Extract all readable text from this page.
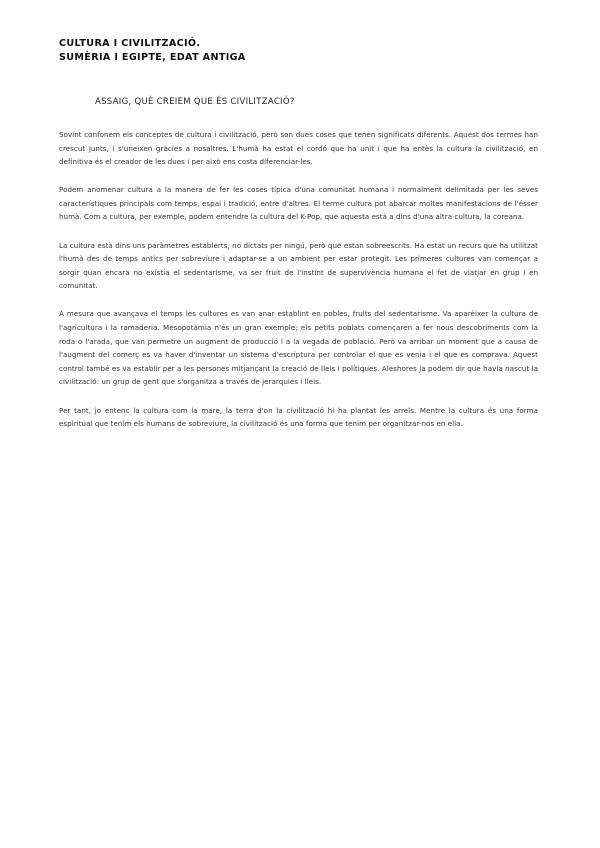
CULTURA I CIVILITZACIÓ.
SUMÈRIA I EGIPTE, EDAT ANTIGA
ASSAIG, QUÈ CREIEM QUE ÉS CIVILITZACIÓ?

Sovint confonem els conceptes de cultura i civilització, però son dues coses que tenen significats diferents. Aquest dos termes han crescut junts, i s'uneixen gràcies a nosaltres. L'humà ha estat el cordó que ha unit i que ha entès la cultura la civilització, en definitiva és el creador de les dues i per això ens costa diferenciar-les.

Podem anomenar cultura a la manera de fer les coses típica d'una comunitat humana i normalment delimitada per les seves característiques principals com temps, espai i tradició, entre d'altres. El terme cultura pot abarcar moltes manifestacions de l'ésser humà. Com a cultura, per exemple, podem entendre la cultura del K-Pop, que aquesta està a dins d'una altra cultura, la coreana.

La cultura està dins uns paràmetres establerts, no dictats per ningú, però que estan sobreescrits. Ha estat un recurs que ha utilitzat l'humà des de temps antics per sobreviure i adaptar-se a un ambient per estar protegit. Les primeres cultures van començar a sorgir quan encara no existia el sedentarisme, va ser fruit de l'instint de supervivència humana el fet de viatjar en grup i en comunitat.

A mesura que avançava el temps les cultures es van anar establint en pobles, fruits del sedentarisme. Va aparèixer la cultura de l'agricultura i la ramaderia. Mesopotàmia n'és un gran exemple; els petits poblats començaren a fer nous descobriments com la roda o l'arada, que van permetre un augment de producció i a la vegada de població. Però va arribar un moment que a causa de l'augment del comerç es va haver d'inventar un sistema d'escriptura per controlar el que es venia i el que es comprava. Aquest control també es va establir per a les persones mitjançant la creació de lleis i polítiques. Aleshores ja podem dir que havia nascut la civilització: un grup de gent que s'organitza a través de jerarquies i lleis.

Per tant, jo entenc la cultura com la mare, la terra d'on la civilització hi ha plantat les arrels. Mentre la cultura és una forma espiritual que tenim els humans de sobreviure, la civilització és una forma que tenim per organitzar-nos en ella.
